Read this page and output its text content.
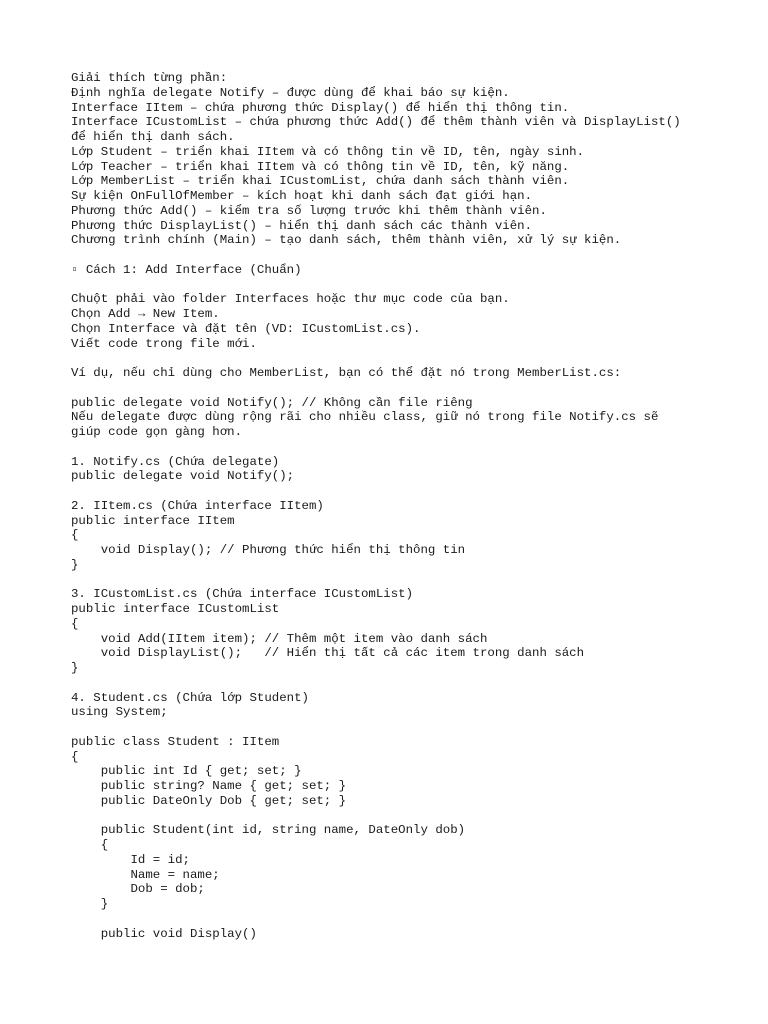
Giải thích từng phần:
Định nghĩa delegate Notify – được dùng để khai báo sự kiện.
Interface IItem – chứa phương thức Display() để hiển thị thông tin.
Interface ICustomList – chứa phương thức Add() để thêm thành viên và DisplayList()
để hiển thị danh sách.
Lớp Student – triển khai IItem và có thông tin về ID, tên, ngày sinh.
Lớp Teacher – triển khai IItem và có thông tin về ID, tên, kỹ năng.
Lớp MemberList – triển khai ICustomList, chứa danh sách thành viên.
Sự kiện OnFullOfMember – kích hoạt khi danh sách đạt giới hạn.
Phương thức Add() – kiểm tra số lượng trước khi thêm thành viên.
Phương thức DisplayList() – hiển thị danh sách các thành viên.
Chương trình chính (Main) – tạo danh sách, thêm thành viên, xử lý sự kiện.
▫ Cách 1: Add Interface (Chuẩn)
Chuột phải vào folder Interfaces hoặc thư mục code của bạn.
Chọn Add → New Item.
Chọn Interface và đặt tên (VD: ICustomList.cs).
Viết code trong file mới.
Ví dụ, nếu chỉ dùng cho MemberList, bạn có thể đặt nó trong MemberList.cs:
public delegate void Notify(); // Không cần file riêng
Nếu delegate được dùng rộng rãi cho nhiều class, giữ nó trong file Notify.cs sẽ
giúp code gọn gàng hơn.
1. Notify.cs (Chứa delegate)
public delegate void Notify();
2. IItem.cs (Chứa interface IItem)
public interface IItem
{
void Display(); // Phương thức hiển thị thông tin
}
3. ICustomList.cs (Chứa interface ICustomList)
public interface ICustomList
{
void Add(IItem item); // Thêm một item vào danh sách
void DisplayList();   // Hiển thị tất cả các item trong danh sách
}
4. Student.cs (Chứa lớp Student)
using System;
public class Student : IItem
{
public int Id { get; set; }
public string? Name { get; set; }
public DateOnly Dob { get; set; }
public Student(int id, string name, DateOnly dob)
{
Id = id;
Name = name;
Dob = dob;
}
public void Display()
